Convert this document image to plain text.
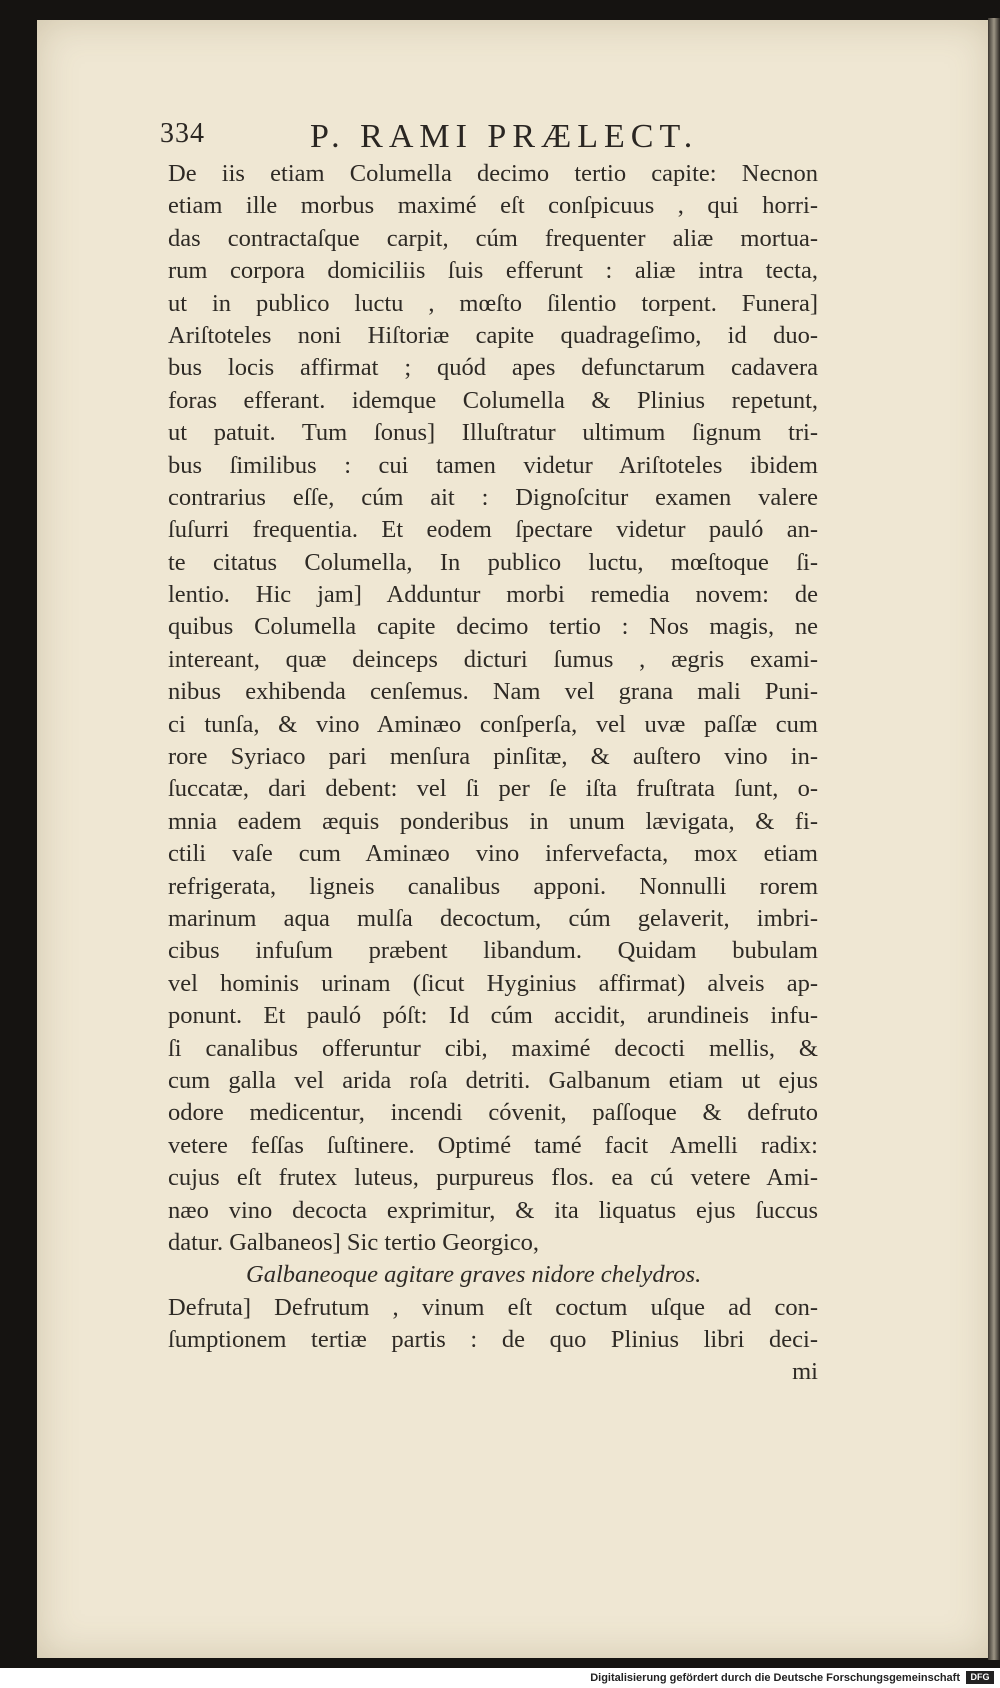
334	P. RAMI PRÆLECT.
De iis etiam Columella decimo tertio capite: Necnon
etiam ille morbus maximé eſt conſpicuus , qui horri-
das contractaſque carpit, cúm frequenter aliæ mortua-
rum corpora domiciliis ſuis efferunt : aliæ intra tecta,
ut in publico luctu , mœſto ſilentio torpent. Funera]
Ariſtoteles noni Hiſtoriæ capite quadrageſimo, id duo-
bus locis affirmat ; quód apes defunctarum cadavera
foras efferant. idemque Columella & Plinius repetunt,
ut patuit. Tum ſonus] Illuſtratur ultimum ſignum tri-
bus ſimilibus : cui tamen videtur Ariſtoteles ibidem
contrarius eſſe, cúm ait : Dignoſcitur examen valere
ſuſurri frequentia. Et eodem ſpectare videtur pauló an-
te citatus Columella, In publico luctu, mœſtoque ſi-
lentio. Hic jam] Adduntur morbi remedia novem: de
quibus Columella capite decimo tertio : Nos magis, ne
intereant, quæ deinceps dicturi ſumus , ægris exami-
nibus exhibenda cenſemus. Nam vel grana mali Puni-
ci tunſa, & vino Aminæo conſperſa, vel uvæ paſſæ cum
rore Syriaco pari menſura pinſitæ, & auſtero vino in-
ſuccatæ, dari debent: vel ſi per ſe iſta fruſtrata ſunt, o-
mnia eadem æquis ponderibus in unum lævigata, & fi-
ctili vaſe cum Aminæo vino infervefacta, mox etiam
refrigerata, ligneis canalibus apponi. Nonnulli rorem
marinum aqua mulſa decoctum, cúm gelaverit, imbri-
cibus infuſum præbent libandum. Quidam bubulam
vel hominis urinam (ſicut Hyginius affirmat) alveis ap-
ponunt. Et pauló póſt: Id cúm accidit, arundineis infu-
ſi canalibus offeruntur cibi, maximé decocti mellis, &
cum galla vel arida roſa detriti. Galbanum etiam ut ejus
odore medicentur, incendi cóvenit, paſſoque & defruto
vetere feſſas ſuſtinere. Optimé tamé facit Amelli radix:
cujus eſt frutex luteus, purpureus flos. ea cú vetere Ami-
næo vino decocta exprimitur, & ita liquatus ejus ſuccus
datur. Galbaneos] Sic tertio Georgico,
Galbaneoque agitare graves nidore chelydros.
Defruta] Defrutum , vinum eſt coctum uſque ad con-
ſumptionem tertiæ partis : de quo Plinius libri deci-
mi
Digitalisierung gefördert durch die Deutsche Forschungsgemeinschaft	DFG
